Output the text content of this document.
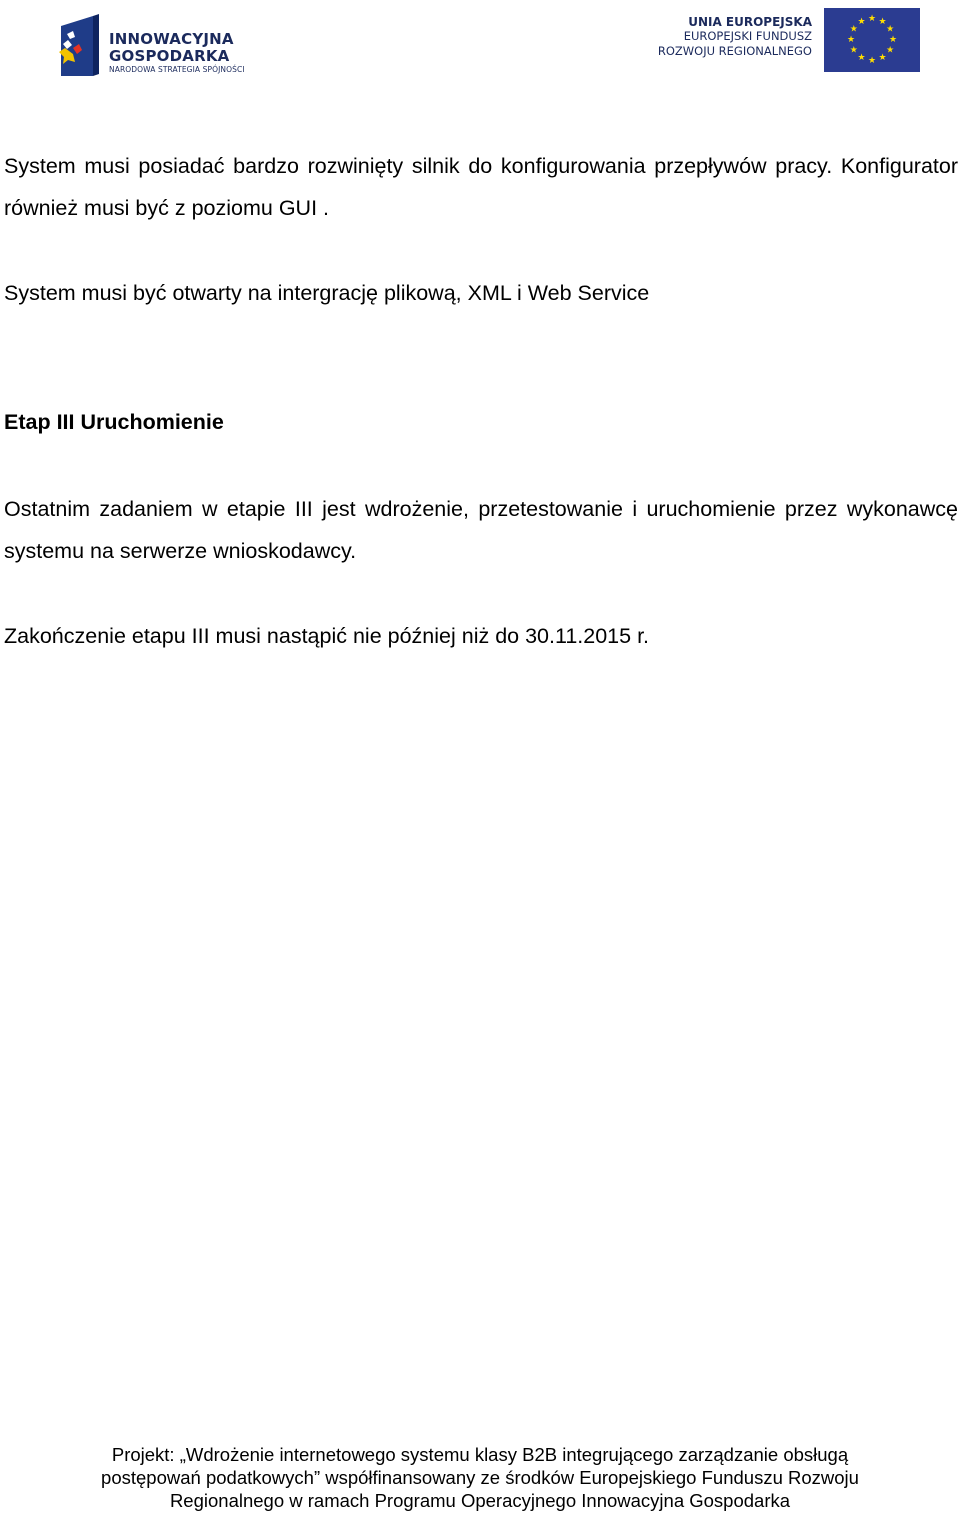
INNOWACYJNA
GOSPODARKA
NARODOWA STRATEGIA SPÓJNOŚCI
UNIA EUROPEJSKA
EUROPEJSKI FUNDUSZ
ROZWOJU REGIONALNEGO
★ ★
★
★
★
★
★
★
★
★
★
★

System musi posiadać bardzo rozwinięty silnik do konfigurowania przepływów pracy. Konfigurator również musi być z poziomu GUI .

System musi być otwarty na intergrację plikową, XML i Web Service

Etap III Uruchomienie

Ostatnim zadaniem w etapie III jest wdrożenie, przetestowanie i uruchomienie przez wykonawcę systemu na serwerze wnioskodawcy.

Zakończenie etapu III musi nastąpić nie później niż do 30.11.2015 r.

Projekt: „Wdrożenie internetowego systemu klasy B2B integrującego zarządzanie obsługą
postępowań podatkowych” współfinansowany ze środków Europejskiego Funduszu Rozwoju
Regionalnego w ramach Programu Operacyjnego Innowacyjna Gospodarka
